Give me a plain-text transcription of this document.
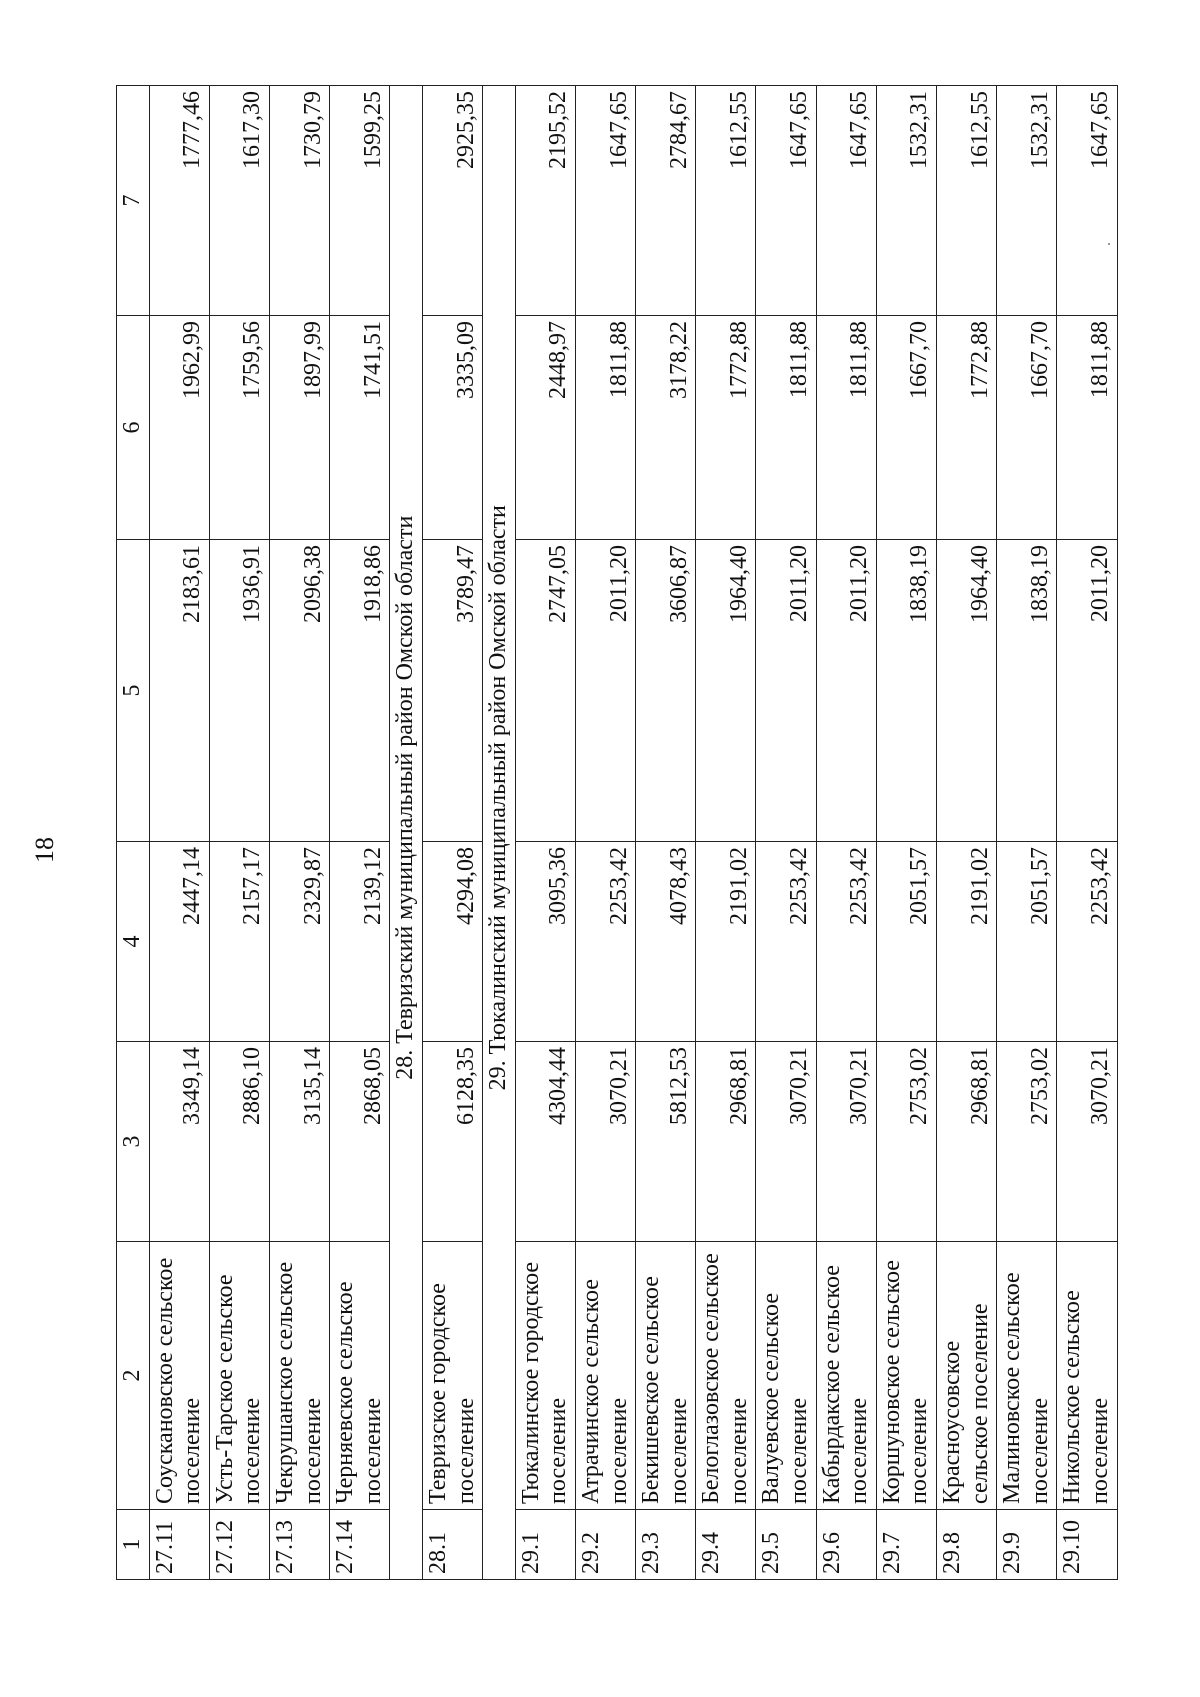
18
1	2	3	4	5	6	7
27.11	Соускановское сельское поселение	3349,14	2447,14	2183,61	1962,99	1777,46
27.12	Усть-Тарское сельское поселение	2886,10	2157,17	1936,91	1759,56	1617,30
27.13	Чекрушанское сельское поселение	3135,14	2329,87	2096,38	1897,99	1730,79
27.14	Черняевское сельское поселение	2868,05	2139,12	1918,86	1741,51	1599,25
	28. Тевризский муниципальный район Омской области					
28.1	Тевризское городское поселение	6128,35	4294,08	3789,47	3335,09	2925,35
	29. Тюкалинский муниципальный район Омской области					
29.1	Тюкалинское городское поселение	4304,44	3095,36	2747,05	2448,97	2195,52
29.2	Атрачинское сельское поселение	3070,21	2253,42	2011,20	1811,88	1647,65
29.3	Бекишевское сельское поселение	5812,53	4078,43	3606,87	3178,22	2784,67
29.4	Белоглазовское сельское поселение	2968,81	2191,02	1964,40	1772,88	1612,55
29.5	Валуевское сельское поселение	3070,21	2253,42	2011,20	1811,88	1647,65
29.6	Кабырдакское сельское поселение	3070,21	2253,42	2011,20	1811,88	1647,65
29.7	Коршуновское сельское поселение	2753,02	2051,57	1838,19	1667,70	1532,31
29.8	Красноусовское сельское поселение	2968,81	2191,02	1964,40	1772,88	1612,55
29.9	Малиновское сельское поселение	2753,02	2051,57	1838,19	1667,70	1532,31
29.10	Никольское сельское поселение	3070,21	2253,42	2011,20	1811,88	1647,65
